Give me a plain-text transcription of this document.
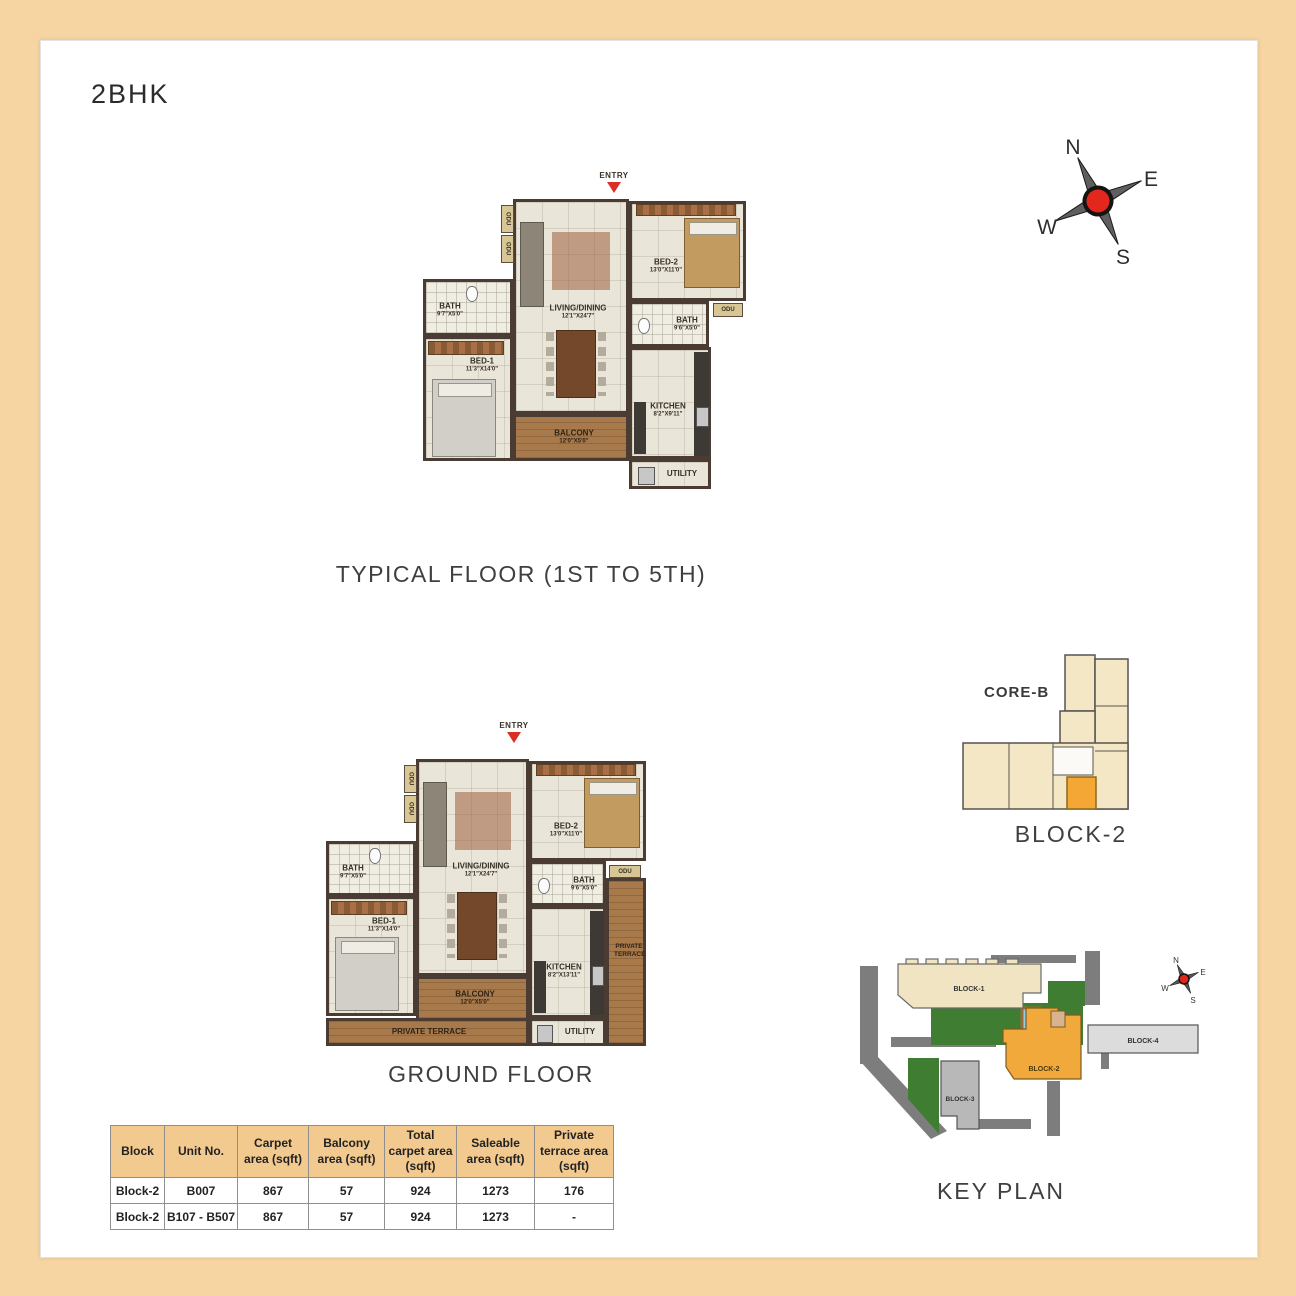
2BHK
N
E
W
S
ENTRY
LIVING/DINING
12'1"X24'7"
ODU
ODU
BED-2
13'0"X11'0"
BATH
9'6"X5'0"
ODU
KITCHEN
8'2"X9'11"
UTILITY
BATH
9'7"X5'0"
BED-1
11'3"X14'0"
BALCONY
12'0"X5'0"
TYPICAL FLOOR (1ST TO 5TH)
ENTRY
LIVING/DINING
12'1"X24'7"
ODU
ODU
BED-2
13'0"X11'0"
BATH
9'6"X5'0"
ODU
PRIVATE TERRACE
KITCHEN
8'2"X13'11"
UTILITY
BATH
9'7"X5'0"
BED-1
11'3"X14'0"
BALCONY
12'0"X5'0"
PRIVATE TERRACE
GROUND FLOOR
CORE-B
BLOCK-2
BLOCK-1
BLOCK-2
BLOCK-4
BLOCK-3
N
E
W
S
KEY PLAN
Block	Unit No.	Carpet area (sqft)	Balcony area (sqft)	Total carpet area (sqft)	Saleable area (sqft)	Private terrace area (sqft)
Block-2	B007	867	57	924	1273	176
Block-2	B107 - B507	867	57	924	1273	-
